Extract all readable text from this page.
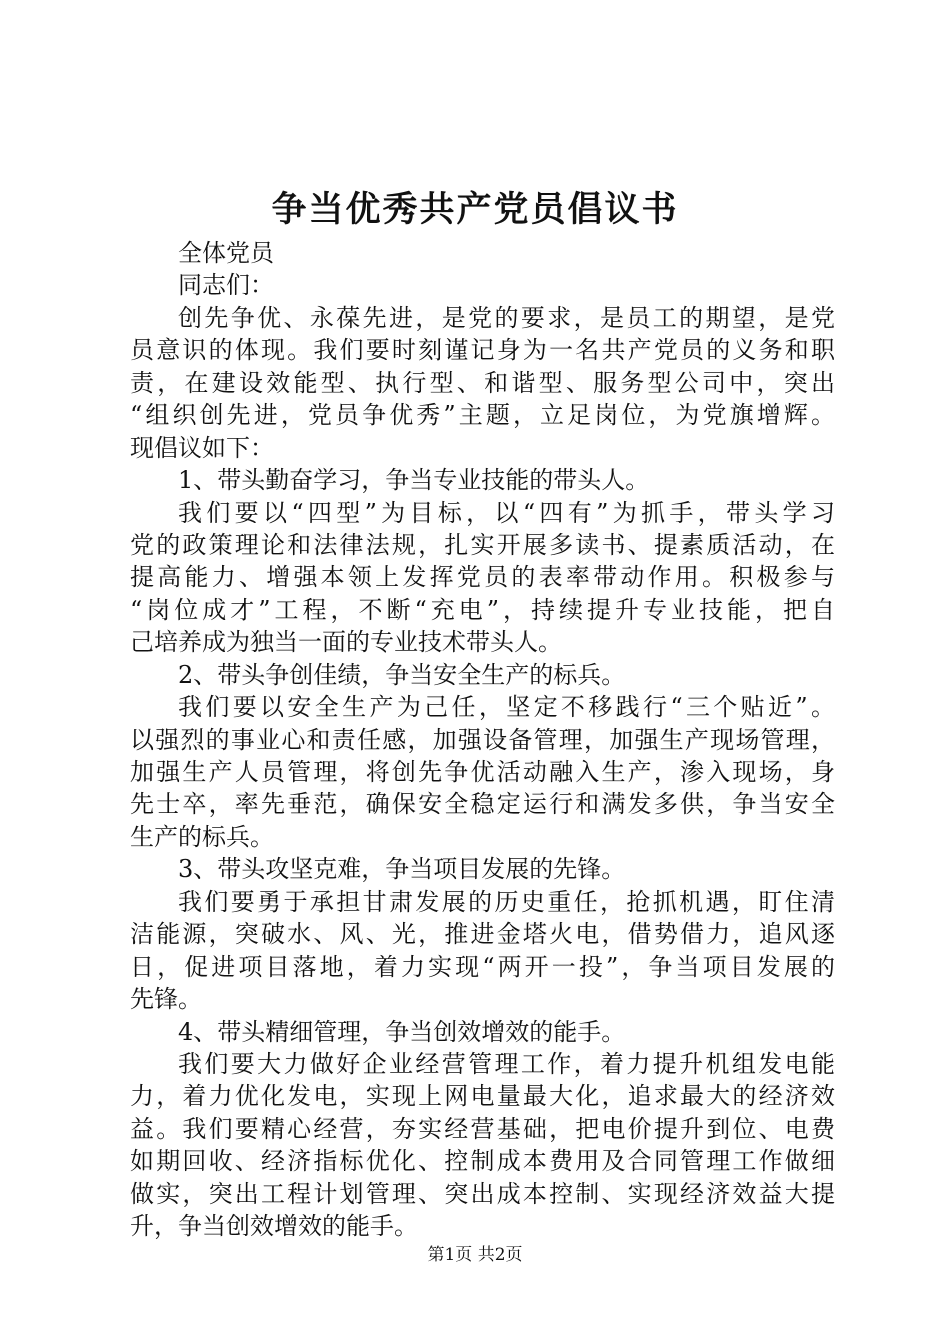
争当优秀共产党员倡议书
全体党员
同志们：
创先争优、永葆先进，是党的要求，是员工的期望，是党
员意识的体现。我们要时刻谨记身为一名共产党员的义务和职
责，在建设效能型、执行型、和谐型、服务型公司中，突出
“组织创先进，党员争优秀”主题，立足岗位，为党旗增辉。
现倡议如下：
1、带头勤奋学习，争当专业技能的带头人。
我们要以“四型”为目标，以“四有”为抓手，带头学习
党的政策理论和法律法规，扎实开展多读书、提素质活动，在
提高能力、增强本领上发挥党员的表率带动作用。积极参与
“岗位成才”工程，不断“充电”，持续提升专业技能，把自
己培养成为独当一面的专业技术带头人。
2、带头争创佳绩，争当安全生产的标兵。
我们要以安全生产为己任，坚定不移践行“三个贴近”。
以强烈的事业心和责任感，加强设备管理，加强生产现场管理，
加强生产人员管理，将创先争优活动融入生产，渗入现场，身
先士卒，率先垂范，确保安全稳定运行和满发多供，争当安全
生产的标兵。
3、带头攻坚克难，争当项目发展的先锋。
我们要勇于承担甘肃发展的历史重任，抢抓机遇，盯住清
洁能源，突破水、风、光，推进金塔火电，借势借力，追风逐
日，促进项目落地，着力实现“两开一投”，争当项目发展的
先锋。
4、带头精细管理，争当创效增效的能手。
我们要大力做好企业经营管理工作，着力提升机组发电能
力，着力优化发电，实现上网电量最大化，追求最大的经济效
益。我们要精心经营，夯实经营基础，把电价提升到位、电费
如期回收、经济指标优化、控制成本费用及合同管理工作做细
做实，突出工程计划管理、突出成本控制、实现经济效益大提
升，争当创效增效的能手。
第1页 共2页
